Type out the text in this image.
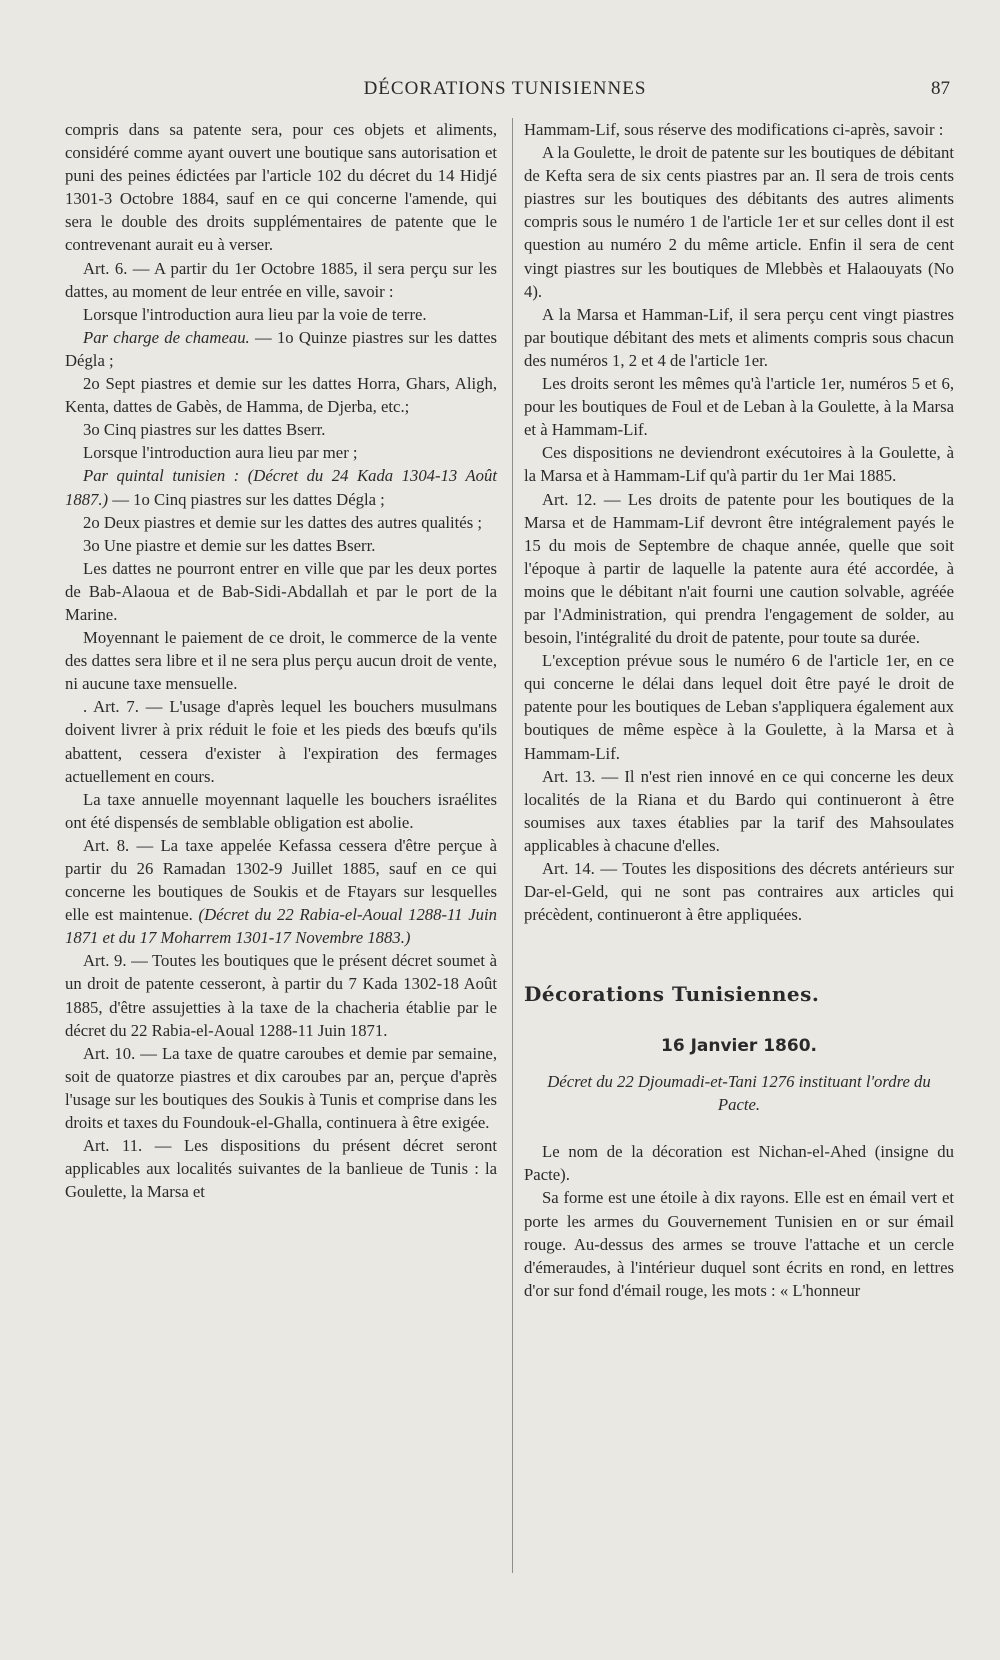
DÉCORATIONS TUNISIENNES	87

compris dans sa patente sera, pour ces objets et aliments, considéré comme ayant ouvert une boutique sans autorisation et puni des peines édictées par l'article 102 du décret du 14 Hidjé 1301-3 Octobre 1884, sauf en ce qui concerne l'amende, qui sera le double des droits supplémentaires de patente que le contrevenant aurait eu à verser.

Art. 6. — A partir du 1er Octobre 1885, il sera perçu sur les dattes, au moment de leur entrée en ville, savoir :

Lorsque l'introduction aura lieu par la voie de terre.

Par charge de chameau. — 1o Quinze piastres sur les dattes Dégla ;

2o Sept piastres et demie sur les dattes Horra, Ghars, Aligh, Kenta, dattes de Gabès, de Hamma, de Djerba, etc.;

3o Cinq piastres sur les dattes Bserr.

Lorsque l'introduction aura lieu par mer ;

Par quintal tunisien : (Décret du 24 Kada 1304-13 Août 1887.) — 1o Cinq piastres sur les dattes Dégla ;

2o Deux piastres et demie sur les dattes des autres qualités ;

3o Une piastre et demie sur les dattes Bserr.

Les dattes ne pourront entrer en ville que par les deux portes de Bab-Alaoua et de Bab-Sidi-Abdallah et par le port de la Marine.

Moyennant le paiement de ce droit, le commerce de la vente des dattes sera libre et il ne sera plus perçu aucun droit de vente, ni aucune taxe mensuelle.

. Art. 7. — L'usage d'après lequel les bouchers musulmans doivent livrer à prix réduit le foie et les pieds des bœufs qu'ils abattent, cessera d'exister à l'expiration des fermages actuellement en cours.

La taxe annuelle moyennant laquelle les bouchers israélites ont été dispensés de semblable obligation est abolie.

Art. 8. — La taxe appelée Kefassa cessera d'être perçue à partir du 26 Ramadan 1302-9 Juillet 1885, sauf en ce qui concerne les boutiques de Soukis et de Ftayars sur lesquelles elle est maintenue. (Décret du 22 Rabia-el-Aoual 1288-11 Juin 1871 et du 17 Moharrem 1301-17 Novembre 1883.)

Art. 9. — Toutes les boutiques que le présent décret soumet à un droit de patente cesseront, à partir du 7 Kada 1302-18 Août 1885, d'être assujetties à la taxe de la chacheria établie par le décret du 22 Rabia-el-Aoual 1288-11 Juin 1871.

Art. 10. — La taxe de quatre caroubes et demie par semaine, soit de quatorze piastres et dix caroubes par an, perçue d'après l'usage sur les boutiques des Soukis à Tunis et comprise dans les droits et taxes du Foundouk-el-Ghalla, continuera à être exigée.

Art. 11. — Les dispositions du présent décret seront applicables aux localités suivantes de la banlieue de Tunis : la Goulette, la Marsa et

Hammam-Lif, sous réserve des modifications ci-après, savoir :

A la Goulette, le droit de patente sur les boutiques de débitant de Kefta sera de six cents piastres par an. Il sera de trois cents piastres sur les boutiques des débitants des autres aliments compris sous le numéro 1 de l'article 1er et sur celles dont il est question au numéro 2 du même article. Enfin il sera de cent vingt piastres sur les boutiques de Mlebbès et Halaouyats (No 4).

A la Marsa et Hamman-Lif, il sera perçu cent vingt piastres par boutique débitant des mets et aliments compris sous chacun des numéros 1, 2 et 4 de l'article 1er.

Les droits seront les mêmes qu'à l'article 1er, numéros 5 et 6, pour les boutiques de Foul et de Leban à la Goulette, à la Marsa et à Hammam-Lif.

Ces dispositions ne deviendront exécutoires à la Goulette, à la Marsa et à Hammam-Lif qu'à partir du 1er Mai 1885.

Art. 12. — Les droits de patente pour les boutiques de la Marsa et de Hammam-Lif devront être intégralement payés le 15 du mois de Septembre de chaque année, quelle que soit l'époque à partir de laquelle la patente aura été accordée, à moins que le débitant n'ait fourni une caution solvable, agréée par l'Administration, qui prendra l'engagement de solder, au besoin, l'intégralité du droit de patente, pour toute sa durée.

L'exception prévue sous le numéro 6 de l'article 1er, en ce qui concerne le délai dans lequel doit être payé le droit de patente pour les boutiques de Leban s'appliquera également aux boutiques de même espèce à la Goulette, à la Marsa et à Hammam-Lif.

Art. 13. — Il n'est rien innové en ce qui concerne les deux localités de la Riana et du Bardo qui continueront à être soumises aux taxes établies par la tarif des Mahsoulates applicables à chacune d'elles.

Art. 14. — Toutes les dispositions des décrets antérieurs sur Dar-el-Geld, qui ne sont pas contraires aux articles qui précèdent, continueront à être appliquées.

Décorations Tunisiennes.
16 Janvier 1860.
Décret du 22 Djoumadi-et-Tani 1276 instituant l'ordre du Pacte.

Le nom de la décoration est Nichan-el-Ahed (insigne du Pacte).

Sa forme est une étoile à dix rayons. Elle est en émail vert et porte les armes du Gouvernement Tunisien en or sur émail rouge. Au-dessus des armes se trouve l'attache et un cercle d'émeraudes, à l'intérieur duquel sont écrits en rond, en lettres d'or sur fond d'émail rouge, les mots : « L'honneur
